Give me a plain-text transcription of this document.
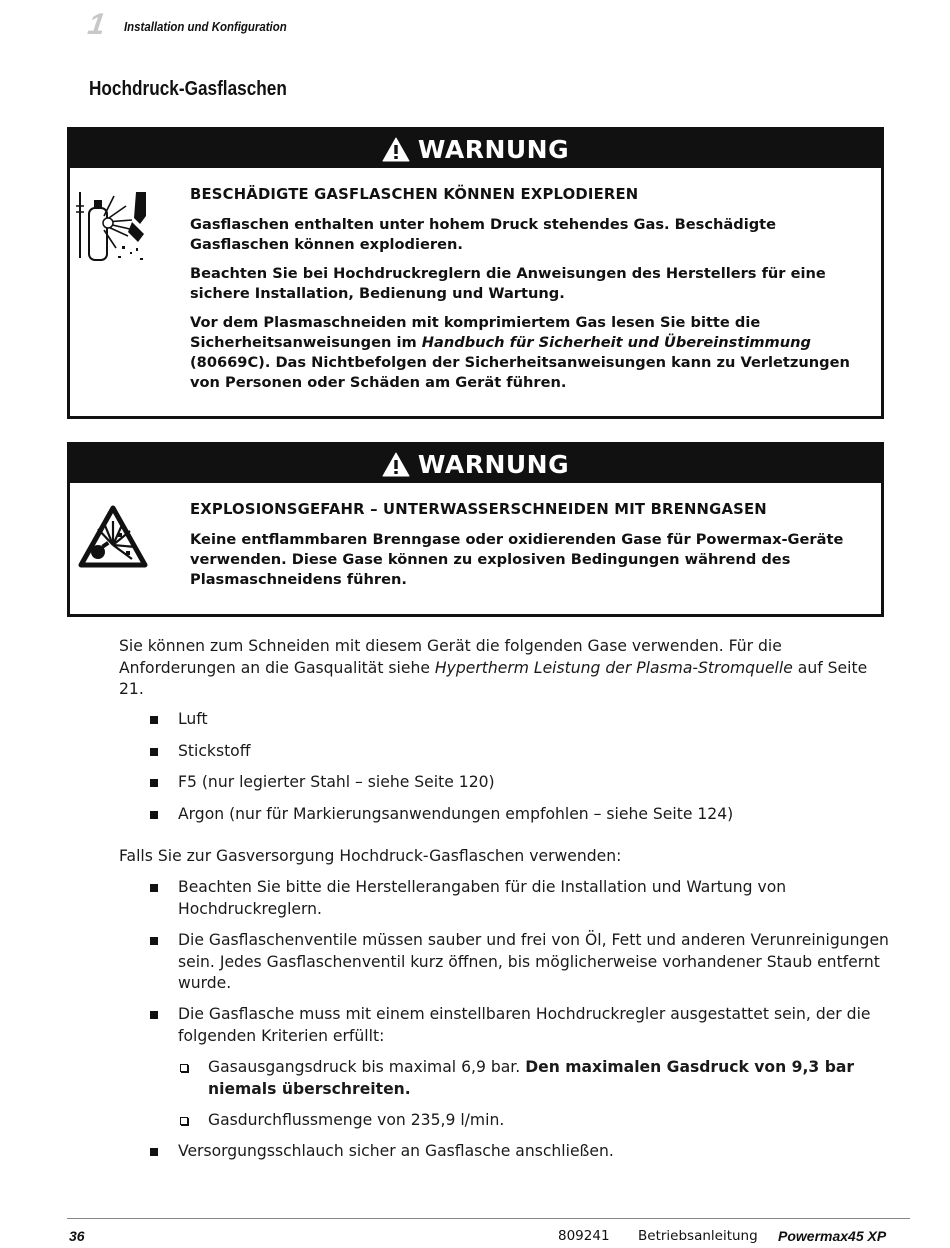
1 Installation und Konfiguration
Hochdruck-Gasflaschen
WARNUNG
BESCHÄDIGTE GASFLASCHEN KÖNNEN EXPLODIEREN

Gasflaschen enthalten unter hohem Druck stehendes Gas. Beschädigte Gasflaschen können explodieren.

Beachten Sie bei Hochdruckreglern die Anweisungen des Herstellers für eine sichere Installation, Bedienung und Wartung.

Vor dem Plasmaschneiden mit komprimiertem Gas lesen Sie bitte die Sicherheitsanweisungen im Handbuch für Sicherheit und Übereinstimmung (80669C). Das Nichtbefolgen der Sicherheitsanweisungen kann zu Verletzungen von Personen oder Schäden am Gerät führen.

WARNUNG
EXPLOSIONSGEFAHR – UNTERWASSERSCHNEIDEN MIT BRENNGASEN

Keine entflammbaren Brenngase oder oxidierenden Gase für Powermax-Geräte verwenden. Diese Gase können zu explosiven Bedingungen während des Plasmaschneidens führen.

Sie können zum Schneiden mit diesem Gerät die folgenden Gase verwenden. Für die Anforderungen an die Gasqualität siehe Hypertherm Leistung der Plasma-Stromquelle auf Seite 21.
Luft
Stickstoff
F5 (nur legierter Stahl – siehe Seite 120)
Argon (nur für Markierungsanwendungen empfohlen – siehe Seite 124)
Falls Sie zur Gasversorgung Hochdruck-Gasflaschen verwenden:
Beachten Sie bitte die Herstellerangaben für die Installation und Wartung von Hochdruckreglern.
Die Gasflaschenventile müssen sauber und frei von Öl, Fett und anderen Verunreinigungen sein. Jedes Gasflaschenventil kurz öffnen, bis möglicherweise vorhandener Staub entfernt wurde.
Die Gasflasche muss mit einem einstellbaren Hochdruckregler ausgestattet sein, der die folgenden Kriterien erfüllt:
Gasausgangsdruck bis maximal 6,9 bar. Den maximalen Gasdruck von 9,3 bar niemals überschreiten.
Gasdurchflussmenge von 235,9 l/min.
Versorgungsschlauch sicher an Gasflasche anschließen.
36	809241 Betriebsanleitung Powermax45 XP
